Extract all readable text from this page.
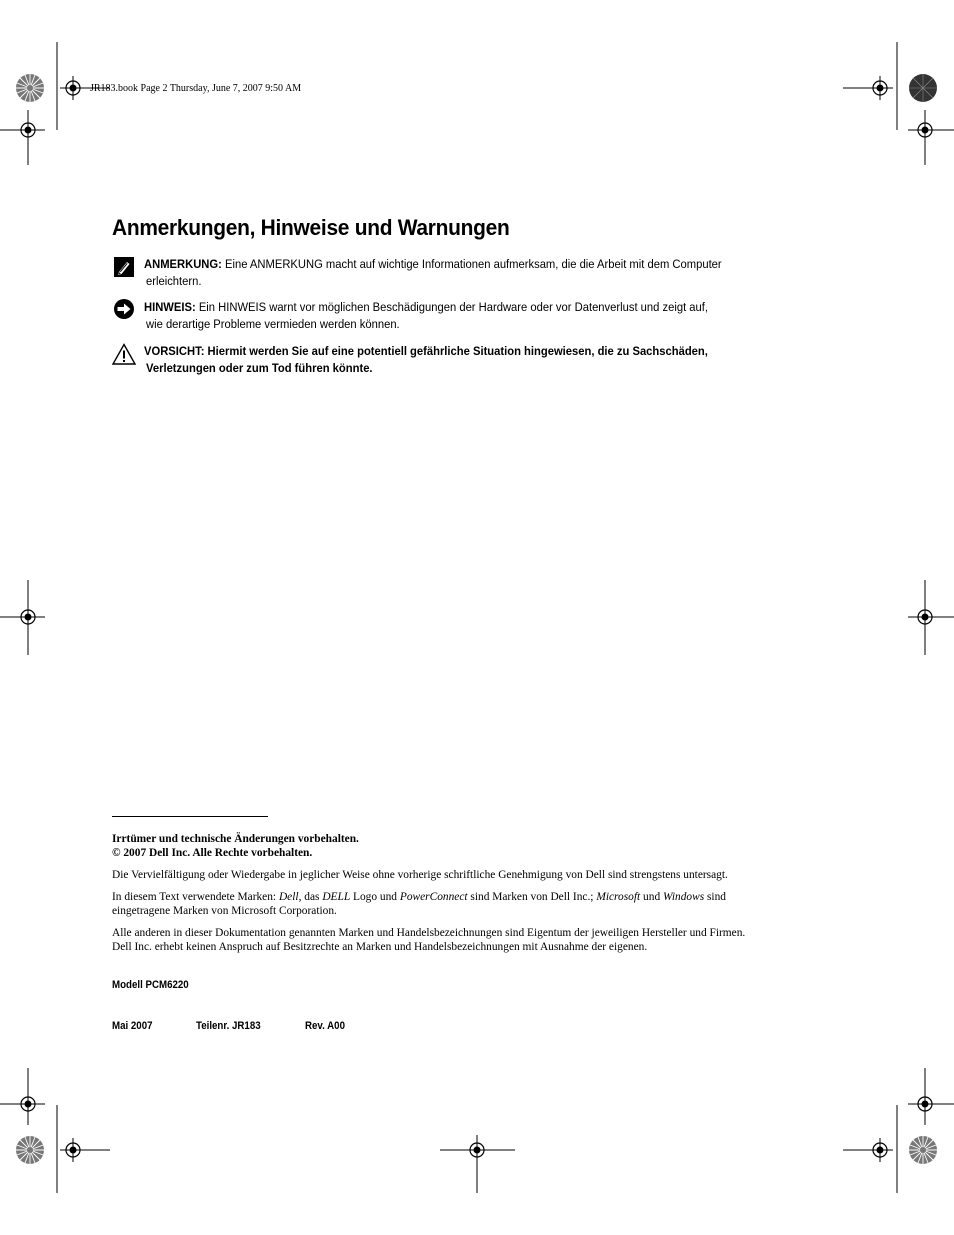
JR183.book Page 2 Thursday, June 7, 2007 9:50 AM
Anmerkungen, Hinweise und Warnungen
ANMERKUNG: Eine ANMERKUNG macht auf wichtige Informationen aufmerksam, die die Arbeit mit dem Computer
erleichtern.
HINWEIS: Ein HINWEIS warnt vor möglichen Beschädigungen der Hardware oder vor Datenverlust und zeigt auf,
wie derartige Probleme vermieden werden können.
VORSICHT: Hiermit werden Sie auf eine potentiell gefährliche Situation hingewiesen, die zu Sachschäden,
Verletzungen oder zum Tod führen könnte.

Irrtümer und technische Änderungen vorbehalten.

© 2007 Dell Inc. Alle Rechte vorbehalten.

Die Vervielfältigung oder Wiedergabe in jeglicher Weise ohne vorherige schriftliche Genehmigung von Dell sind strengstens untersagt.

In diesem Text verwendete Marken: Dell, das DELL Logo und PowerConnect sind Marken von Dell Inc.; Microsoft und Windows sind

eingetragene Marken von Microsoft Corporation.

Alle anderen in dieser Dokumentation genannten Marken und Handelsbezeichnungen sind Eigentum der jeweiligen Hersteller und Firmen.

Dell Inc. erhebt keinen Anspruch auf Besitzrechte an Marken und Handelsbezeichnungen mit Ausnahme der eigenen.

Modell PCM6220
Mai 2007	Teilenr. JR183	Rev. A00
